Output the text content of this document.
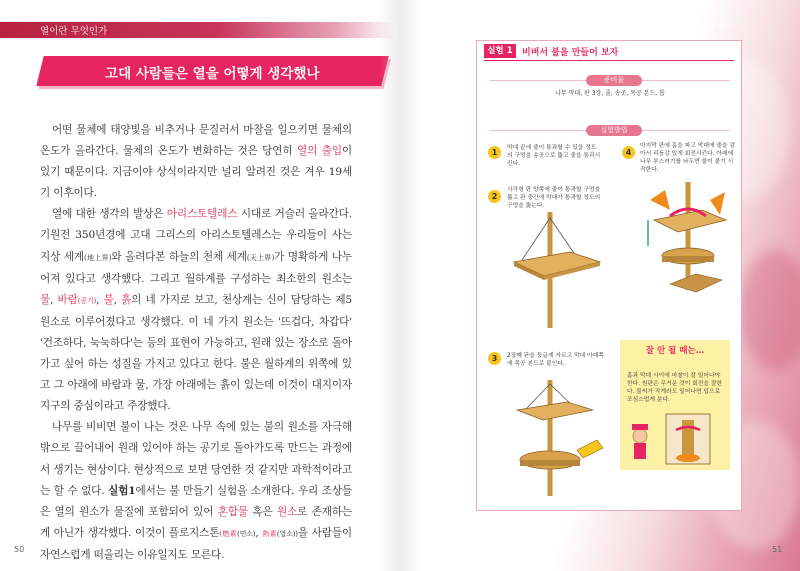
열이란 무엇인가
고대 사람들은 열을 어떻게 생각했나

어떤 물체에 태양빛을 비추거나 문질러서 마찰을 일으키면 물체의 온도가 올라간다. 물체의 온도가 변화하는 것은 당연히 열의 출입이 있기 때문이다. 지금이야 상식이라지만 널리 알려진 것은 겨우 19세기 이후이다.

열에 대한 생각의 발상은 아리스토텔레스 시대로 거슬러 올라간다. 기원전 350년경에 고대 그리스의 아리스토텔레스는 우리들이 사는 지상 세계(地上界)와 올려다본 하늘의 천체 세계(天上界)가 명확하게 나누어져 있다고 생각했다. 그리고 월하계를 구성하는 최소한의 원소는 물, 바람(공기), 불, 흙의 네 가지로 보고, 천상계는 신이 담당하는 제5원소로 이루어졌다고 생각했다. 이 네 가지 원소는 '뜨겁다, 차갑다' '건조하다, 눅눅하다'는 등의 표현이 가능하고, 원래 있는 장소로 돌아가고 싶어 하는 성질을 가지고 있다고 한다. 불은 월하계의 위쪽에 있고 그 아래에 바람과 물, 가장 아래에는 흙이 있는데 이것이 대지이자 지구의 중심이라고 주장했다.

나무를 비비면 불이 나는 것은 나무 속에 있는 불의 원소를 자극해 밖으로 끌어내어 원래 있어야 하는 공기로 돌아가도록 만드는 과정에서 생기는 현상이다. 현상적으로 보면 당연한 것 같지만 과학적이라고는 할 수 없다. 실험1에서는 불 만들기 실험을 소개한다. 우리 조상들은 열의 원소가 물질에 포함되어 있어 혼합물 혹은 원소로 존재하는 게 아닌가 생각했다. 이것이 플로지스톤(燃素(연소), 熱素(열소))을 사람들이 자연스럽게 떠올리는 이유일지도 모른다.

50	51
제2장 열의 탐구
실험 1	비벼서 불을 만들어 보자
준비물
나무 막대, 판 3장, 줄, 송곳, 목공 본드, 톱
실험방법
1	막대 끝에 줄이 통과할 수 있을 정도의 구멍을 송곳으로 뚫고 줄을 통과시킨다.
2
사각형 판 양쪽에 줄이 통과할 구멍을 뚫고 판 중간에 막대가 통과할 정도의 구멍을 뚫는다.
3	2장째 판을 둥글게 자르고 막대 아래쪽에 목공 본드로 붙인다.
4
마지막 판에 홈을 파고 막대에 줄을 감아서 리듬감 있게 회전시킨다. 아래에 나무 부스러기를 놔두면 불이 붙기 시작한다.
잘 안 될 때는…
홈과 막대 사이에 마찰이 잘 일어나야 한다. 원판은 무거운 것이 회전을 잘한다. 불씨가 작게라도 일어나면 입으로 조심스럽게 분다.
